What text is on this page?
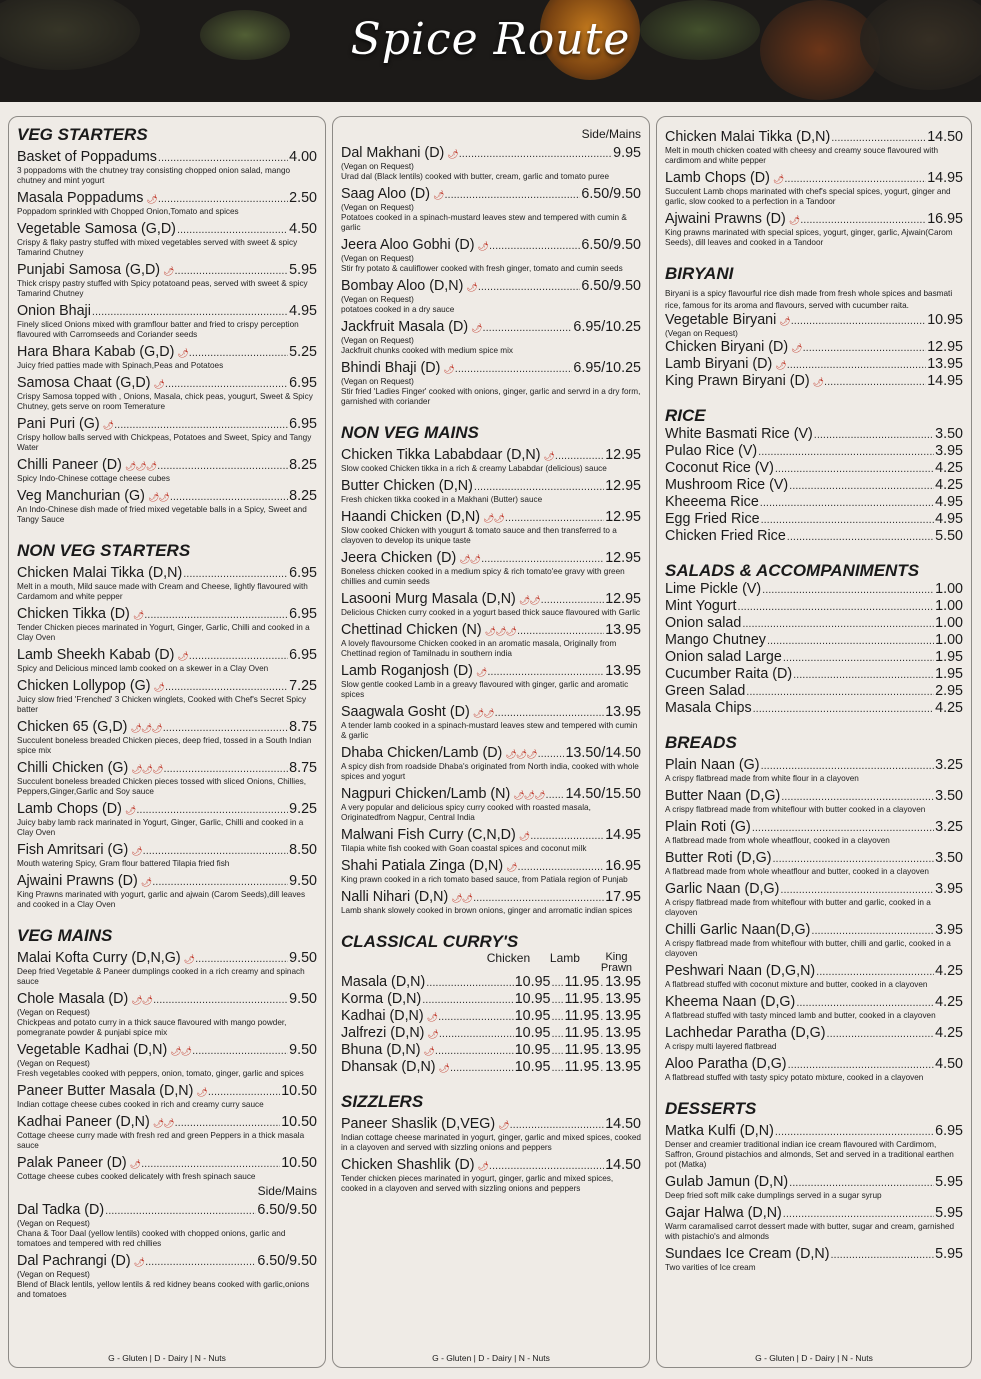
Spice Route
VEG STARTERS
Basket of Poppadums .....	4.00
3 poppadoms with the chutney tray consisting chopped onion salad, mango chutney and mint yogurt
Masala Poppadums 🌶 .....	2.50
Poppadom sprinkled with Chopped Onion,Tomato and spices
Vegetable Samosa (G,D) .....	4.50
Crispy & flaky pastry stuffed with mixed vegetables served with sweet & spicy Tamarind Chutney
Punjabi Samosa (G,D) 🌶 .....	5.95
Thick crispy pastry stuffed with Spicy potatoand peas, served with sweet & spicy Tamarind Chutney
Onion Bhaji .....	4.95
Finely sliced Onions mixed with gramflour batter and fried to crispy perception flavoured with Carromseeds and Coriander seeds
Hara Bhara Kabab (G,D) 🌶 .....	5.25
Juicy fried patties made with Spinach,Peas and Potatoes
Samosa Chaat (G,D) 🌶 .....	6.95
Crispy Samosa topped with , Onions, Masala, chick peas, yougurt, Sweet & Spicy Chutney, gets serve on room Temerature
Pani Puri (G) 🌶 .....	6.95
Crispy hollow balls served with Chickpeas, Potatoes and Sweet, Spicy and Tangy Water
Chilli Paneer (D) 🌶🌶🌶 .....	8.25
Spicy Indo-Chinese cottage cheese cubes
Veg Manchurian (G) 🌶🌶 .....	8.25
An Indo-Chinese dish made of fried mixed vegetable balls in a Spicy, Sweet and Tangy Sauce
NON VEG STARTERS
Chicken Malai Tikka (D,N) .....	6.95
Melt in a mouth, Mild sauce made with Cream and Cheese, lightly flavoured with Cardamom and white pepper
Chicken Tikka (D) 🌶 .....	6.95
Tender Chicken pieces marinated in Yogurt, Ginger, Garlic, Chilli and cooked in a Clay Oven
Lamb Sheekh Kabab (D) 🌶 .....	6.95
Spicy and Delicious minced lamb cooked on a skewer in a Clay Oven
Chicken Lollypop (G) 🌶 .....	7.25
Juicy slow fried 'Frenched' 3 Chicken winglets, Cooked with Chef's Secret Spicy batter
Chicken 65 (G,D) 🌶🌶🌶 .....	8.75
Succulent boneless breaded Chicken pieces, deep fried, tossed in a South Indian spice mix
Chilli Chicken (G) 🌶🌶🌶 .....	8.75
Succulent boneless breaded Chicken pieces tossed with sliced Onions, Chillies, Peppers,Ginger,Garlic and Soy sauce
Lamb Chops (D) 🌶 .....	9.25
Juicy baby lamb rack marinated in Yogurt, Ginger, Garlic, Chilli and cooked in a Clay Oven
Fish Amritsari (G) 🌶 .....	8.50
Mouth watering Spicy, Gram flour battered Tilapia fried fish
Ajwaini Prawns (D) 🌶 .....	9.50
King Prawns marinated with yogurt, garlic and ajwain (Carom Seeds),dill leaves and cooked in a Clay Oven
VEG MAINS
Malai Kofta Curry (D,N,G) 🌶 .....	9.50
Deep fried Vegetable & Paneer dumplings cooked in a rich creamy and spinach sauce
Chole Masala (D) 🌶🌶 .....	9.50
(Vegan on Request)
Chickpeas and potato curry in a thick sauce flavoured with mango powder, pomegranate powder & punjabi spice mix
Vegetable Kadhai (D,N) 🌶🌶 .....	9.50
(Vegan on Request)
Fresh vegetables cooked with peppers, onion, tomato, ginger, garlic and spices
Paneer Butter Masala (D,N) 🌶 .....	10.50
Indian cottage cheese cubes cooked in rich and creamy curry sauce
Kadhai Paneer (D,N) 🌶🌶 .....	10.50
Cottage cheese curry made with fresh red and green Peppers in a thick masala sauce
Palak Paneer (D) 🌶 .....	10.50
Cottage cheese cubes cooked delicately with fresh spinach sauce
Side/Mains
Dal Tadka (D) .....	6.50/9.50
(Vegan on Request)
Chana & Toor Daal (yellow lentils) cooked with chopped onions, garlic and tomatoes and tempered with red chillies
Dal Pachrangi (D) 🌶 .....	6.50/9.50
(Vegan on Request)
Blend of Black lentils, yellow lentils & red kidney beans cooked with garlic,onions and tomatoes
G - Gluten | D - Dairy | N - Nuts
Side/Mains
Dal Makhani (D) 🌶 .....	9.95
(Vegan on Request)
Urad dal (Black lentils) cooked with butter, cream, garlic and tomato puree
Saag Aloo (D) 🌶 .....	6.50/9.50
(Vegan on Request)
Potatoes cooked in a spinach-mustard leaves stew and tempered with cumin & garlic
Jeera Aloo Gobhi (D) 🌶 .....	6.50/9.50
(Vegan on Request)
Stir fry potato & cauliflower cooked with fresh ginger, tomato and cumin seeds
Bombay Aloo (D,N) 🌶 .....	6.50/9.50
(Vegan on Request)
potatoes cooked in a dry sauce
Jackfruit Masala (D) 🌶 .....	6.95/10.25
(Vegan on Request)
Jackfruit chunks cooked with medium spice mix
Bhindi Bhaji (D) 🌶 .....	6.95/10.25
(Vegan on Request)
Stir fried 'Ladies Finger' cooked with onions, ginger, garlic and servrd in a dry form, garnished with coriander
NON VEG MAINS
Chicken Tikka Lababdaar (D,N) 🌶 .....	12.95
Slow cooked Chicken tikka in a rich & creamy Lababdar (delicious) sauce
Butter Chicken (D,N) .....	12.95
Fresh chicken tikka cooked in a Makhani (Butter) sauce
Haandi Chicken (D,N) 🌶🌶 .....	12.95
Slow cooked Chicken with yougurt & tomato sauce and then transferred to a clayoven to develop its unique taste
Jeera Chicken (D) 🌶🌶 .....	12.95
Boneless chicken cooked in a medium spicy & rich tomato'ee gravy with green chillies and cumin seeds
Lasooni Murg Masala (D,N) 🌶🌶 .....	12.95
Delicious Chicken curry cooked in a yogurt based thick sauce flavoured with Garlic
Chettinad Chicken (N) 🌶🌶🌶 .....	13.95
A lovely flavoursome Chicken cooked in an aromatic masala, Originally from Chettinad region of Tamilnadu in southern india
Lamb Roganjosh (D) 🌶 .....	13.95
Slow gentle cooked Lamb in a greavy flavoured with ginger, garlic and aromatic spices
Saagwala Gosht (D) 🌶🌶 .....	13.95
A tender lamb cooked in a spinach-mustard leaves stew and tempered with cumin & garlic
Dhaba Chicken/Lamb (D) 🌶🌶🌶 ..... 13.50/14.50
A spicy dish from roadside Dhaba's originated from North india, cooked with whole spices and yogurt
Nagpuri Chicken/Lamb (N) 🌶🌶🌶 ..... 14.50/15.50
A very popular and delicious spicy curry cooked with roasted masala, Originatedfrom Nagpur, Central India
Malwani Fish Curry (C,N,D) 🌶 .....	14.95
Tilapia white fish cooked with Goan coastal spices and coconut milk
Shahi Patiala Zinga (D,N) 🌶 .....	16.95
King prawn cooked in a rich tomato based sauce, from Patiala region of Punjab
Nalli Nihari (D,N) 🌶🌶 .....	17.95
Lamb shank slowely cooked in brown onions, ginger and arromatic indian spices
CLASSICAL CURRY'S
Chicken	Lamb	King Prawn
Masala (D,N) .....	10.95 ..... 11.95 ..... 13.95
Korma (D,N) .....	10.95 ..... 11.95 ..... 13.95
Kadhai (D,N) 🌶 .....	10.95 ..... 11.95 ..... 13.95
Jalfrezi (D,N) 🌶 .....	10.95 ..... 11.95 ..... 13.95
Bhuna (D,N) 🌶 .....	10.95 ..... 11.95 ..... 13.95
Dhansak (D,N) 🌶 .....	10.95 ..... 11.95 ..... 13.95
SIZZLERS
Paneer Shaslik (D,VEG) 🌶 .....	14.50
Indian cottage cheese marinated in yogurt, ginger, garlic and mixed spices, cooked in a clayoven and served with sizzling onions and peppers
Chicken Shashlik (D) 🌶 .....	14.50
Tender chicken pieces marinated in yogurt, ginger, garlic and mixed spices, cooked in a clayoven and served with sizzling onions and peppers
G - Gluten | D - Dairy | N - Nuts
Chicken Malai Tikka (D,N) .....	14.50
Melt in mouth chicken coated with cheesy and creamy souce flavoured with cardimom and white pepper
Lamb Chops (D) 🌶 .....	14.95
Succulent Lamb chops marinated with chef's special spices, yogurt, ginger and garlic, slow cooked to a perfection in a Tandoor
Ajwaini Prawns (D) 🌶 .....	16.95
King prawns marinated with special spices, yogurt, ginger, garlic, Ajwain(Carom Seeds), dill leaves and cooked in a Tandoor
BIRYANI
Biryani is a spicy flavourful rice dish made from fresh whole spices and basmati rice, famous for its aroma and flavours, served with cucumber raita.
Vegetable Biryani 🌶 .....	10.95
(Vegan on Request)
Chicken Biryani (D) 🌶 .....	12.95
Lamb Biryani (D) 🌶 .....	13.95
King Prawn Biryani (D) 🌶 .....	14.95
RICE
White Basmati Rice (V) .....	3.50
Pulao Rice (V) .....	3.95
Coconut Rice (V) .....	4.25
Mushroom Rice (V) .....	4.25
Kheeema Rice .....	4.95
Egg Fried Rice .....	4.95
Chicken Fried Rice .....	5.50
SALADS & ACCOMPANIMENTS
Lime Pickle (V) .....	1.00
Mint Yogurt .....	1.00
Onion salad .....	1.00
Mango Chutney .....	1.00
Onion salad Large .....	1.95
Cucumber Raita (D) .....	1.95
Green Salad .....	2.95
Masala Chips .....	4.25
BREADS
Plain Naan (G) .....	3.25
A crispy flatbread made from white flour in a clayoven
Butter Naan (D,G) .....	3.50
A crispy flatbread made from whiteflour with butter cooked in a clayoven
Plain Roti (G) .....	3.25
A flatbread made from whole wheatflour, cooked in a clayoven
Butter Roti (D,G) .....	3.50
A flatbread made from whole wheatflour and butter, cooked in a clayoven
Garlic Naan (D,G) .....	3.95
A crispy flatbread made from whiteflour with butter and garlic, cooked in a clayoven
Chilli Garlic Naan(D,G) .....	3.95
A crispy flatbread made from whiteflour with butter, chilli and garlic, cooked in a clayoven
Peshwari Naan (D,G,N) .....	4.25
A flatbread stuffed with coconut mixture and butter, cooked in a clayoven
Kheema Naan (D,G) .....	4.25
A flatbread stuffed with tasty minced lamb and butter, cooked in a clayoven
Lachhedar Paratha (D,G) .....	4.25
A crispy multi layered flatbread
Aloo Paratha (D,G) .....	4.50
A flatbread stuffed with tasty spicy potato mixture, cooked in a clayoven
DESSERTS
Matka Kulfi (D,N) .....	6.95
Denser and creamier traditional indian ice cream flavoured with Cardimom, Saffron, Ground pistachios and almonds, Set and served in a traditional earthen pot (Matka)
Gulab Jamun (D,N) .....	5.95
Deep fried soft milk cake dumplings served in a sugar syrup
Gajar Halwa (D,N) .....	5.95
Warm caramalised carrot dessert made with butter, sugar and cream, garnished with pistachio's and almonds
Sundaes Ice Cream (D,N) .....	5.95
Two varities of Ice cream
G - Gluten | D - Dairy | N - Nuts
